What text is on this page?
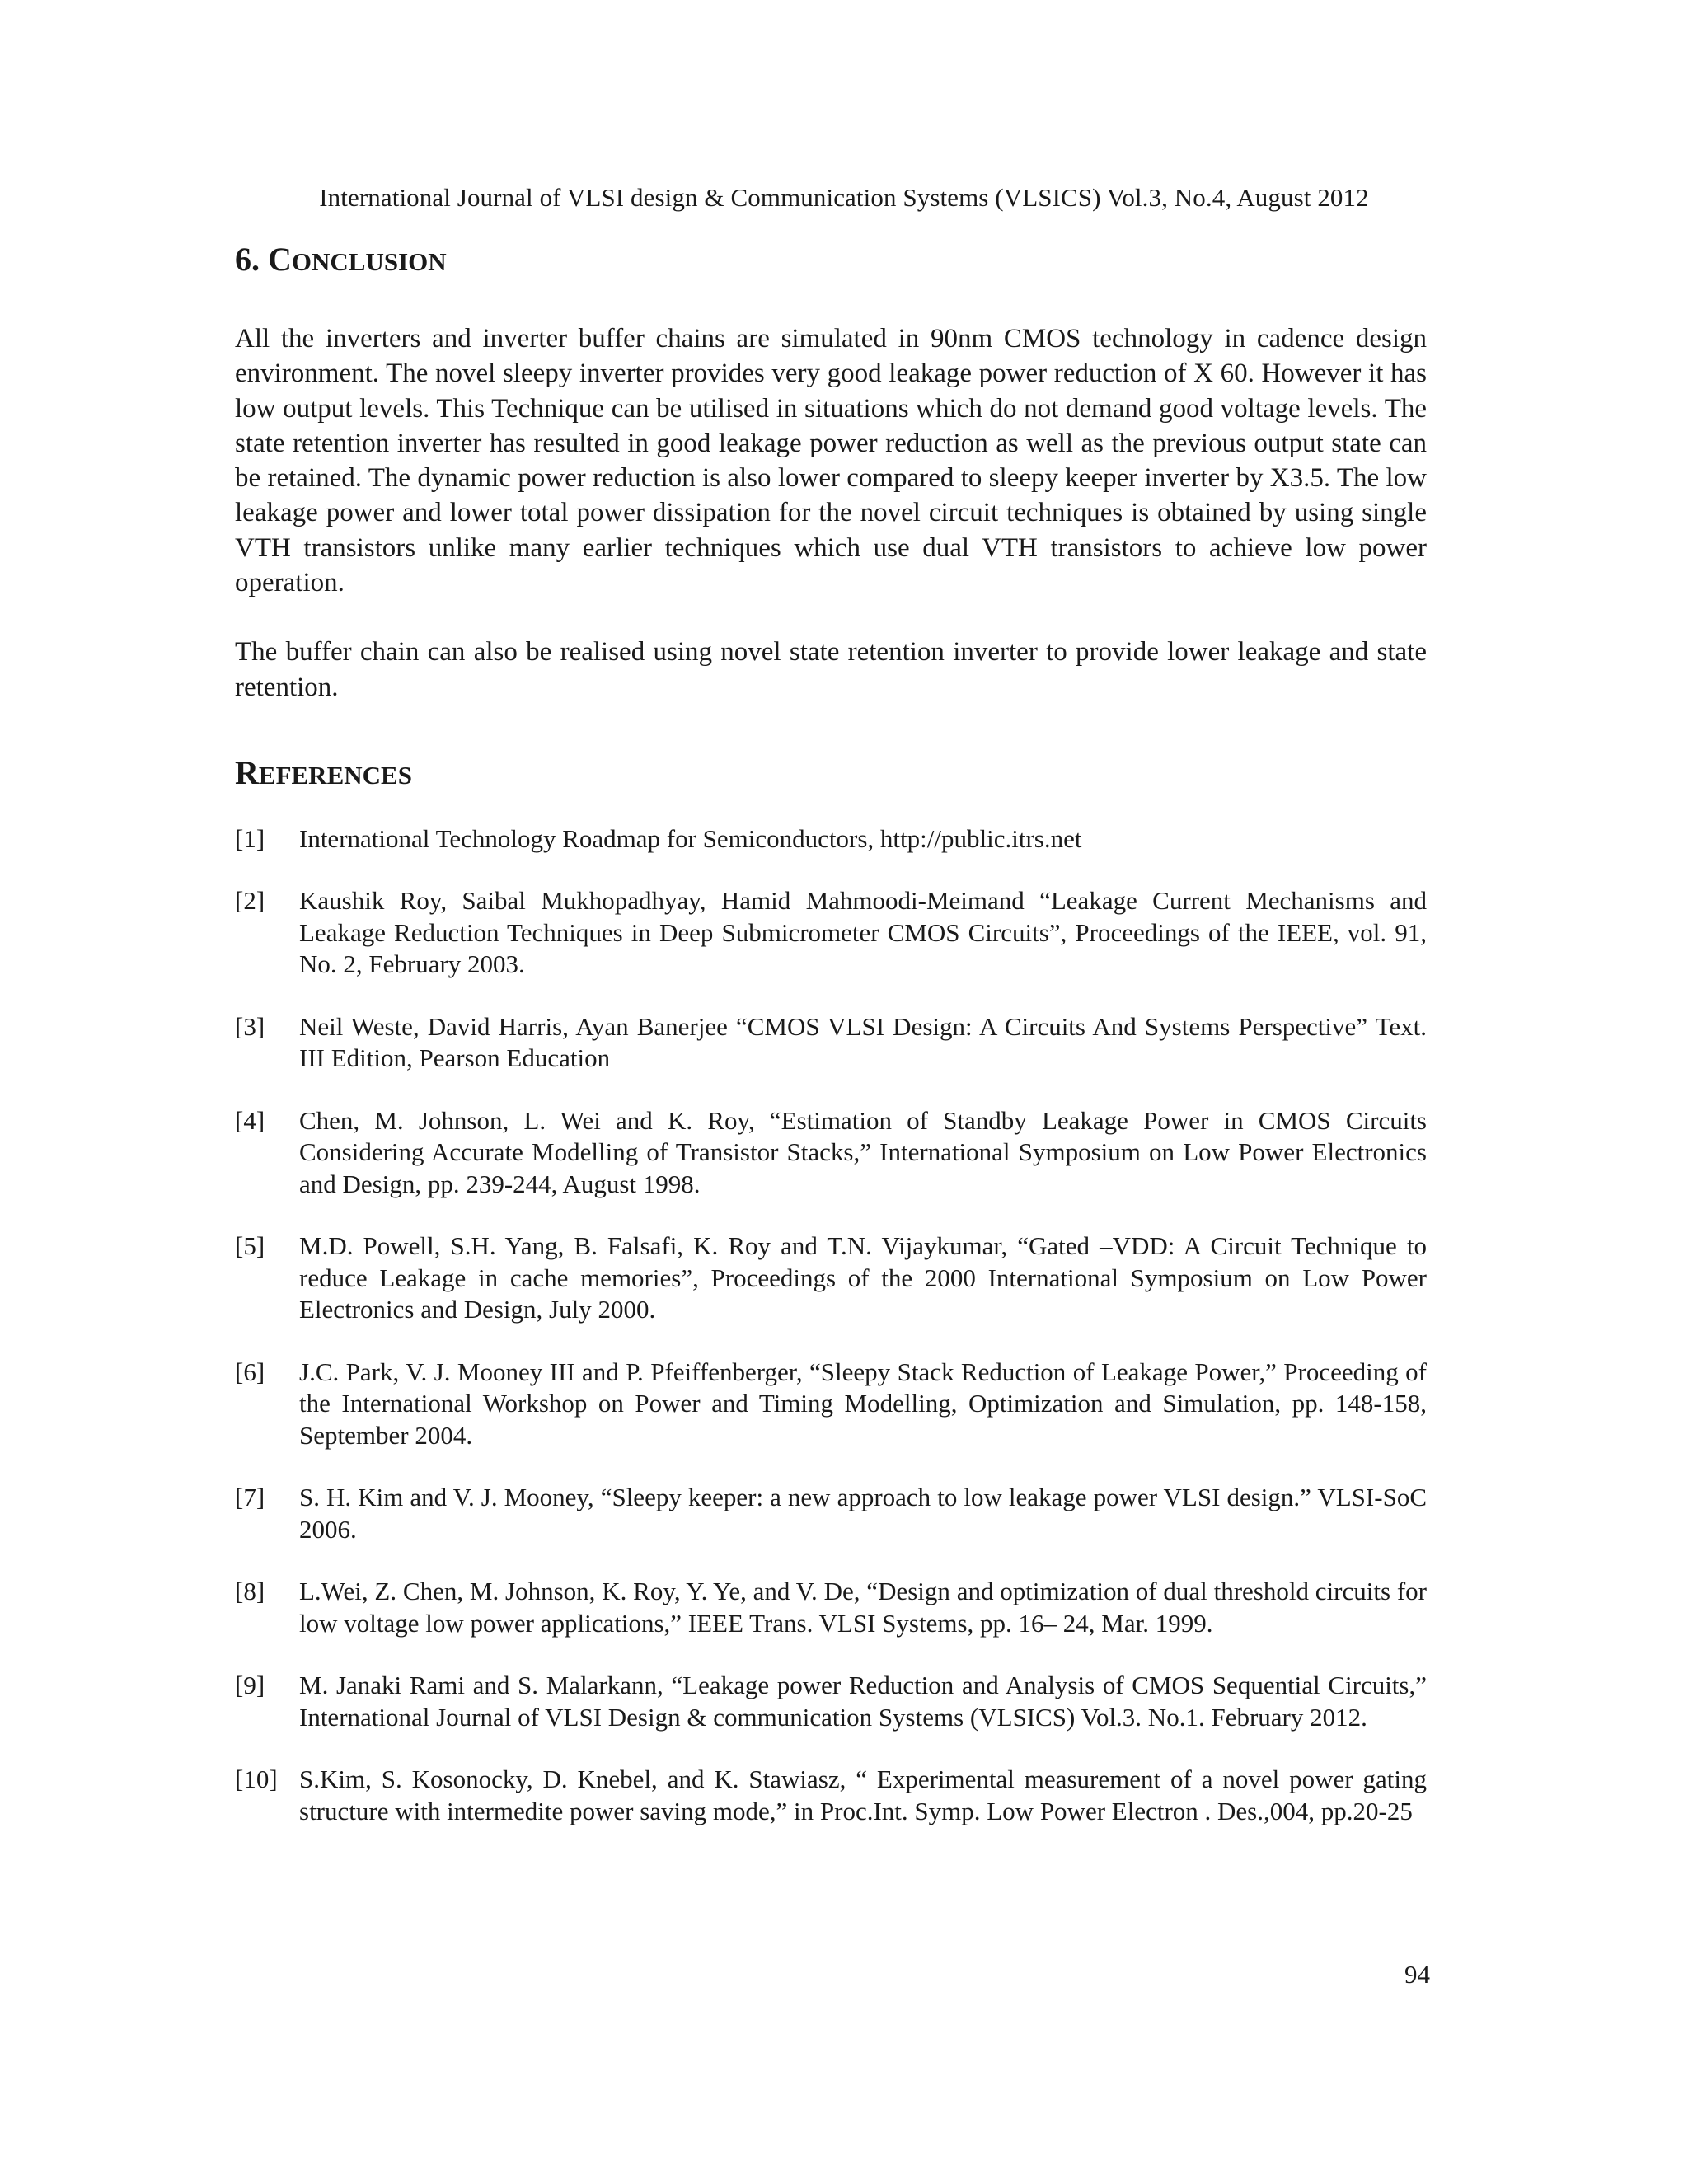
International Journal of VLSI design & Communication Systems (VLSICS) Vol.3, No.4, August 2012
6. CONCLUSION

All the inverters and inverter buffer chains are simulated in 90nm CMOS technology in cadence design environment. The novel sleepy inverter provides very good leakage power reduction of X 60. However it has low output levels. This Technique can be utilised in situations which do not demand good voltage levels. The state retention inverter has resulted in good leakage power reduction as well as the previous output state can be retained. The dynamic power reduction is also lower compared to sleepy keeper inverter by X3.5. The low leakage power and lower total power dissipation for the novel circuit techniques is obtained by using single VTH transistors unlike many earlier techniques which use dual VTH transistors to achieve low power operation.

The buffer chain can also be realised using novel state retention inverter to provide lower leakage and state retention.

REFERENCES
[1] International Technology Roadmap for Semiconductors, http://public.itrs.net
[2] Kaushik Roy, Saibal Mukhopadhyay, Hamid Mahmoodi-Meimand “Leakage Current Mechanisms and Leakage Reduction Techniques in Deep Submicrometer CMOS Circuits”, Proceedings of the IEEE, vol. 91, No. 2, February 2003.
[3] Neil Weste, David Harris, Ayan Banerjee “CMOS VLSI Design: A Circuits And Systems Perspective” Text. III Edition, Pearson Education
[4] Chen, M. Johnson, L. Wei and K. Roy, “Estimation of Standby Leakage Power in CMOS Circuits Considering Accurate Modelling of Transistor Stacks,” International Symposium on Low Power Electronics and Design, pp. 239-244, August 1998.
[5] M.D. Powell, S.H. Yang, B. Falsafi, K. Roy and T.N. Vijaykumar, “Gated –VDD: A Circuit Technique to reduce Leakage in cache memories”, Proceedings of the 2000 International Symposium on Low Power Electronics and Design, July 2000.
[6] J.C. Park, V. J. Mooney III and P. Pfeiffenberger, “Sleepy Stack Reduction of Leakage Power,” Proceeding of the International Workshop on Power and Timing Modelling, Optimization and Simulation, pp. 148-158, September 2004.
[7] S. H. Kim and V. J. Mooney, “Sleepy keeper: a new approach to low leakage power VLSI design.” VLSI-SoC 2006.
[8] L.Wei, Z. Chen, M. Johnson, K. Roy, Y. Ye, and V. De, “Design and optimization of dual threshold circuits for low voltage low power applications,” IEEE Trans. VLSI Systems, pp. 16– 24, Mar. 1999.
[9] M. Janaki Rami and S. Malarkann, “Leakage power Reduction and Analysis of CMOS Sequential Circuits,” International Journal of VLSI Design & communication Systems (VLSICS) Vol.3. No.1. February 2012.
[10] S.Kim, S. Kosonocky, D. Knebel, and K. Stawiasz, “ Experimental measurement of a novel power gating structure with intermedite power saving mode,” in Proc.Int. Symp. Low Power Electron . Des.,004, pp.20-25
94
